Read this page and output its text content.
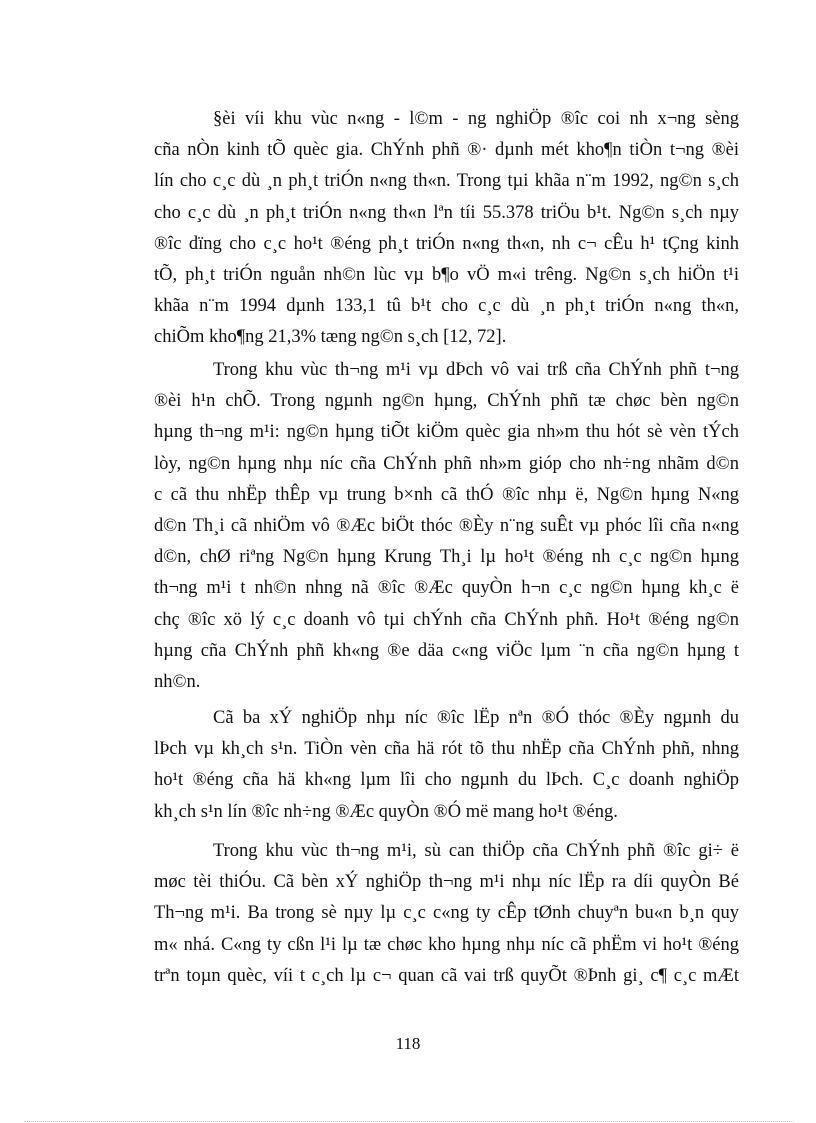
§èi víi khu vùc n«ng - l©m - ng nghiÖp ®îc coi nh x¬ng sèng
cña nÒn kinh tÕ quèc gia. ChÝnh phñ ®· dµnh mét kho¶n tiÒn t¬ng ®èi
lín cho c¸c dù ¸n ph¸t triÓn n«ng th«n. Trong tµi khãa n¨m 1992, ng©n s¸ch
cho c¸c dù ¸n ph¸t triÓn n«ng th«n lªn tíi 55.378 triÖu b¹t. Ng©n s¸ch nµy
®îc dïng cho c¸c ho¹t ®éng ph¸t triÓn n«ng th«n, nh c¬ cÊu h¹ tÇng kinh
tÕ, ph¸t triÓn nguån nh©n lùc vµ b¶o vÖ m«i trêng. Ng©n s¸ch hiÖn t¹i
khãa n¨m 1994 dµnh 133,1 tû b¹t cho c¸c dù ¸n ph¸t triÓn n«ng th«n,
chiÕm kho¶ng 21,3% tæng ng©n s¸ch [12, 72].

Trong khu vùc th¬ng m¹i vµ dÞch vô vai trß cña ChÝnh phñ t¬ng
®èi h¹n chÕ. Trong ngµnh ng©n hµng, ChÝnh phñ tæ chøc bèn ng©n
hµng th¬ng m¹i: ng©n hµng tiÕt kiÖm quèc gia nh»m thu hót sè vèn tÝch
lòy, ng©n hµng nhµ níc cña ChÝnh phñ nh»m gióp cho nh÷ng nhãm d©n
c cã thu nhËp thÊp vµ trung b×nh cã thÓ ®îc nhµ ë, Ng©n hµng N«ng
d©n Th¸i cã nhiÖm vô ®Æc biÖt thóc ®Èy n¨ng suÊt vµ phóc lîi cña n«ng
d©n, chØ riªng Ng©n hµng Krung Th¸i lµ ho¹t ®éng nh c¸c ng©n hµng
th¬ng m¹i t nh©n nhng nã ®îc ®Æc quyÒn h¬n c¸c ng©n hµng kh¸c ë
chç ®îc xö lý c¸c doanh vô tµi chÝnh cña ChÝnh phñ. Ho¹t ®éng ng©n
hµng cña ChÝnh phñ kh«ng ®e däa c«ng viÖc lµm ¨n cña ng©n hµng t
nh©n.

Cã ba xÝ nghiÖp nhµ níc ®îc lËp nªn ®Ó thóc ®Èy ngµnh du
lÞch vµ kh¸ch s¹n. TiÒn vèn cña hä rót tõ thu nhËp cña ChÝnh phñ, nhng
ho¹t ®éng cña hä kh«ng lµm lîi cho ngµnh du lÞch. C¸c doanh nghiÖp
kh¸ch s¹n lín ®îc nh÷ng ®Æc quyÒn ®Ó më mang ho¹t ®éng.

Trong khu vùc th¬ng m¹i, sù can thiÖp cña ChÝnh phñ ®îc gi÷ ë
møc tèi thiÓu. Cã bèn xÝ nghiÖp th¬ng m¹i nhµ níc lËp ra díi quyÒn Bé
Th¬ng m¹i. Ba trong sè nµy lµ c¸c c«ng ty cÊp tØnh chuyªn bu«n b¸n quy
m« nhá. C«ng ty cßn l¹i lµ tæ chøc kho hµng nhµ níc cã phËm vi ho¹t ®éng
trªn toµn quèc, víi t c¸ch lµ c¬ quan cã vai trß quyÕt ®Þnh gi¸ c¶ c¸c mÆt

118
